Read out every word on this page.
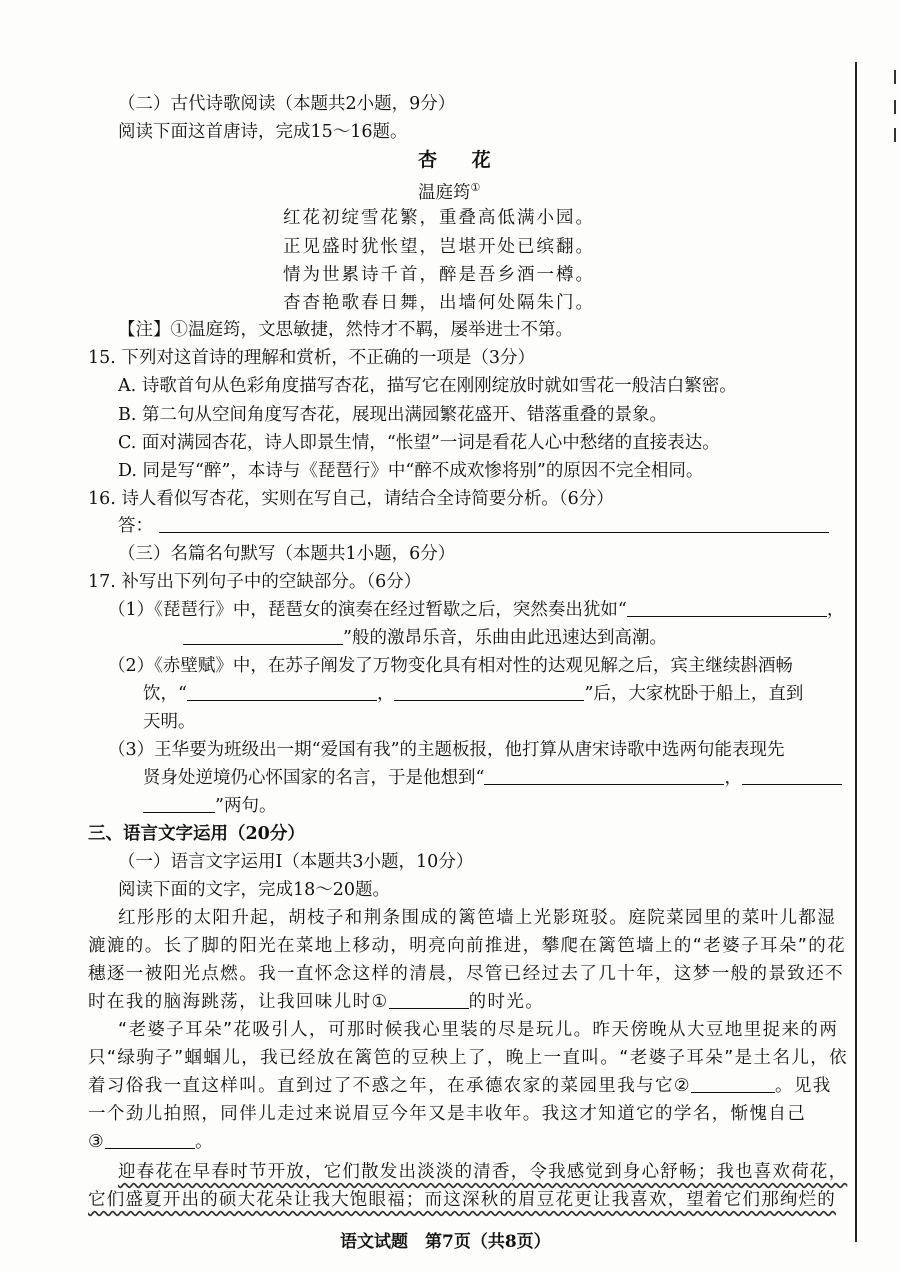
（二）古代诗歌阅读（本题共2小题，9分）
阅读下面这首唐诗，完成15～16题。
杏 花
温庭筠①
红花初绽雪花繁，重叠高低满小园。
正见盛时犹怅望，岂堪开处已缤翻。
情为世累诗千首，醉是吾乡酒一樽。
杳杳艳歌春日舞，出墙何处隔朱门。
【注】①温庭筠，文思敏捷，然恃才不羁，屡举进士不第。
15. 下列对这首诗的理解和赏析，不正确的一项是（3分）
A. 诗歌首句从色彩角度描写杏花，描写它在刚刚绽放时就如雪花一般洁白繁密。
B. 第二句从空间角度写杏花，展现出满园繁花盛开、错落重叠的景象。
C. 面对满园杏花，诗人即景生情，“怅望”一词是看花人心中愁绪的直接表达。
D. 同是写“醉”，本诗与《琵琶行》中“醉不成欢惨将别”的原因不完全相同。
16. 诗人看似写杏花，实则在写自己，请结合全诗简要分析。（6分）
答：
（三）名篇名句默写（本题共1小题，6分）
17. 补写出下列句子中的空缺部分。（6分）
（1）《琵琶行》中，琵琶女的演奏在经过暂歇之后，突然奏出犹如“	，
”般的激昂乐音，乐曲由此迅速达到高潮。
（2）《赤壁赋》中，在苏子阐发了万物变化具有相对性的达观见解之后，宾主继续斟酒畅
饮，“	，	”后，大家枕卧于船上，直到
天明。
（3）王华要为班级出一期“爱国有我”的主题板报，他打算从唐宋诗歌中选两句能表现先
贤身处逆境仍心怀国家的名言，于是他想到“	，
”两句。
三、语言文字运用（20分）
（一）语言文字运用Ⅰ（本题共3小题，10分）
阅读下面的文字，完成18～20题。
红彤彤的太阳升起，胡枝子和荆条围成的篱笆墙上光影斑驳。庭院菜园里的菜叶儿都湿
漉漉的。长了脚的阳光在菜地上移动，明亮向前推进，攀爬在篱笆墙上的“老婆子耳朵”的花
穗逐一被阳光点燃。我一直怀念这样的清晨，尽管已经过去了几十年，这梦一般的景致还不
时在我的脑海跳荡，让我回味儿时①	的时光。
“老婆子耳朵”花吸引人，可那时候我心里装的尽是玩儿。昨天傍晚从大豆地里捉来的两
只“绿驹子”蝈蝈儿，我已经放在篱笆的豆秧上了，晚上一直叫。“老婆子耳朵”是土名儿，依
着习俗我一直这样叫。直到过了不惑之年，在承德农家的菜园里我与它②	。见我
一个劲儿拍照，同伴儿走过来说眉豆今年又是丰收年。我这才知道它的学名，惭愧自己
③	。
迎春花在早春时节开放，它们散发出淡淡的清香，令我感觉到身心舒畅；我也喜欢荷花，
它们盛夏开出的硕大花朵让我大饱眼福；而这深秋的眉豆花更让我喜欢，望着它们那绚烂的
语文试题　第7页（共8页）
